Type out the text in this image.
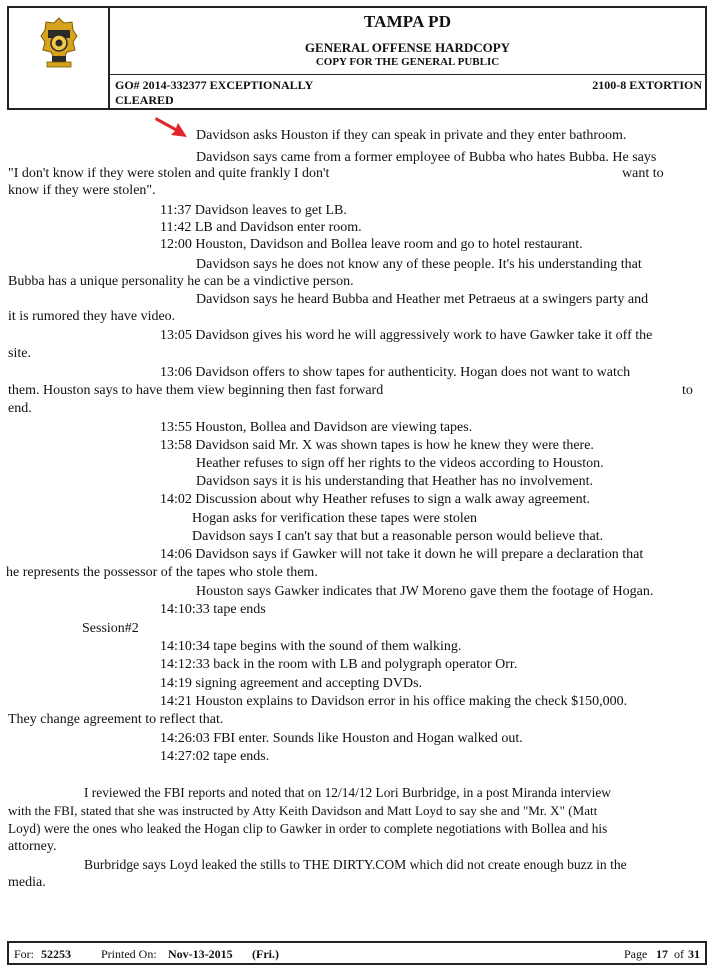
TAMPA PD
GENERAL OFFENSE HARDCOPY
COPY FOR THE GENERAL PUBLIC
GO# 2014-332377 EXCEPTIONALLY
CLEARED
2100-8 EXTORTION
Davidson asks Houston if they can speak in private and they enter bathroom.
Davidson says came from a former employee of Bubba who hates Bubba. He says
"I don't know if they were stolen and quite frankly I don't	want to
know if they were stolen".
11:37 Davidson leaves to get LB.
11:42 LB and Davidson enter room.
12:00 Houston, Davidson and Bollea leave room and go to hotel restaurant.
Davidson says he does not know any of these people. It's his understanding that
Bubba has a unique personality he can be a vindictive person.
Davidson says he heard Bubba and Heather met Petraeus at a swingers party and
it is rumored they have video.
13:05 Davidson gives his word he will aggressively work to have Gawker take it off the
site.
13:06 Davidson offers to show tapes for authenticity. Hogan does not want to watch
them. Houston says to have them view beginning then fast forward	to
end.
13:55 Houston, Bollea and Davidson are viewing tapes.
13:58 Davidson said Mr. X was shown tapes is how he knew they were there.
Heather refuses to sign off her rights to the videos according to Houston.
Davidson says it is his understanding that Heather has no involvement.
14:02 Discussion about why Heather refuses to sign a walk away agreement.
Hogan asks for verification these tapes were stolen
Davidson says I can't say that but a reasonable person would believe that.
14:06 Davidson says if Gawker will not take it down he will prepare a declaration that
he represents the possessor of the tapes who stole them.
Houston says Gawker indicates that JW Moreno gave them the footage of Hogan.
14:10:33 tape ends
Session#2
14:10:34 tape begins with the sound of them walking.
14:12:33 back in the room with LB and polygraph operator Orr.
14:19 signing agreement and accepting DVDs.
14:21 Houston explains to Davidson error in his office making the check $150,000.
They change agreement to reflect that.
14:26:03 FBI enter. Sounds like Houston and Hogan walked out.
14:27:02 tape ends.
I reviewed the FBI reports and noted that on 12/14/12 Lori Burbridge, in a post Miranda interview
with the FBI, stated that she was instructed by Atty Keith Davidson and Matt Loyd to say she and "Mr. X" (Matt
Loyd) were the ones who leaked the Hogan clip to Gawker in order to complete negotiations with Bollea and his
attorney.
Burbridge says Loyd leaked the stills to THE DIRTY.COM which did not create enough buzz in the
media.
For: 52253	Printed On: Nov-13-2015 (Fri.)	Page 17 of 31
